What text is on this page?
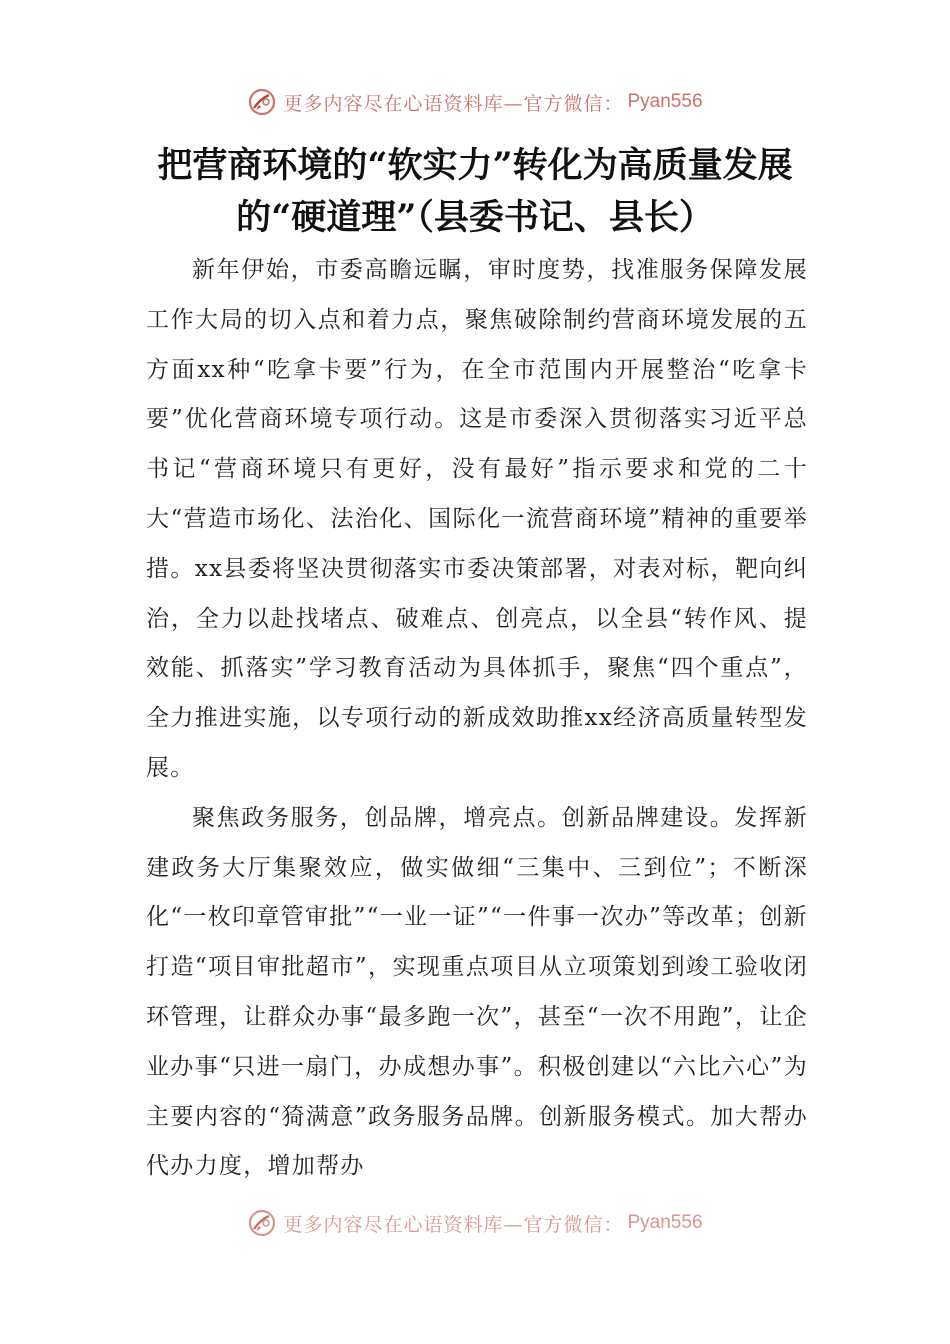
更多内容尽在心语资料库—官方微信： Pyan556
把营商环境的“软实力”转化为高质量发展的“硬道理”（县委书记、县长）

新年伊始，市委高瞻远瞩，审时度势，找准服务保障发展工作大局的切入点和着力点，聚焦破除制约营商环境发展的五方面xx种“吃拿卡要”行为，在全市范围内开展整治“吃拿卡要”优化营商环境专项行动。这是市委深入贯彻落实习近平总书记“营商环境只有更好，没有最好”指示要求和党的二十大“营造市场化、法治化、国际化一流营商环境”精神的重要举措。xx县委将坚决贯彻落实市委决策部署，对表对标，靶向纠治，全力以赴找堵点、破难点、创亮点，以全县“转作风、提效能、抓落实”学习教育活动为具体抓手，聚焦“四个重点”，全力推进实施，以专项行动的新成效助推xx经济高质量转型发展。

聚焦政务服务，创品牌，增亮点。创新品牌建设。发挥新建政务大厅集聚效应，做实做细“三集中、三到位”；不断深化“一枚印章管审批”“一业一证”“一件事一次办”等改革；创新打造“项目审批超市”，实现重点项目从立项策划到竣工验收闭环管理，让群众办事“最多跑一次”，甚至“一次不用跑”，让企业办事“只进一扇门，办成想办事”。积极创建以“六比六心”为主要内容的“猗满意”政务服务品牌。创新服务模式。加大帮办代办力度，增加帮办

更多内容尽在心语资料库—官方微信： Pyan556
